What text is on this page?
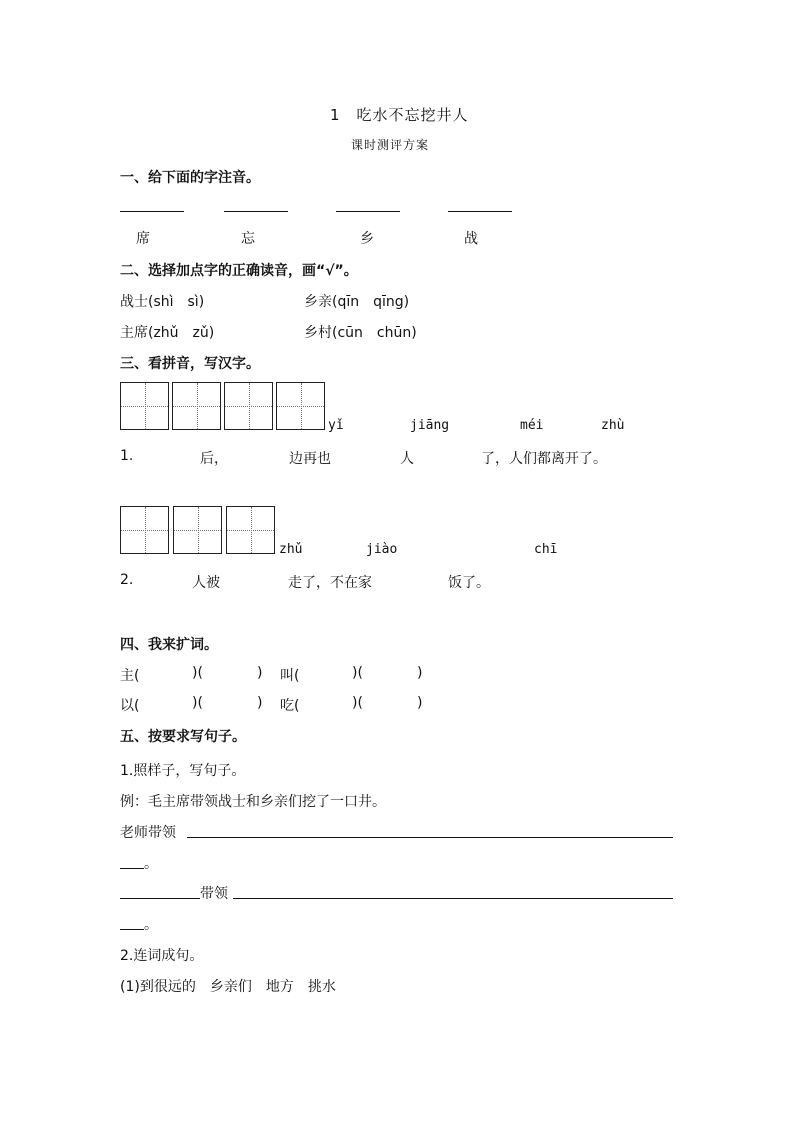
1　吃水不忘挖井人
课时测评方案
一、给下面的字注音。
席	忘	乡	战
二、选择加点字的正确读音，画“√”。
战士(shì　sì)	乡亲(qīn　qīng)
主席(zhǔ　zǔ)	乡村(cūn　chūn)
三、看拼音，写汉字。
yǐ	jiāng	méi	zhù
1.	后，	边再也	人	了，人们都离开了。
zhǔ	jiào	chī
2.	人被	走了，不在家	饭了。
四、我来扩词。
主(	)(	) 叫(	)(	)
以(	)(	) 吃(	)(	)
五、按要求写句子。
1.照样子，写句子。
例：毛主席带领战士和乡亲们挖了一口井。
老师带领
。
带领
。
2.连词成句。
(1)到很远的　乡亲们　地方　挑水
